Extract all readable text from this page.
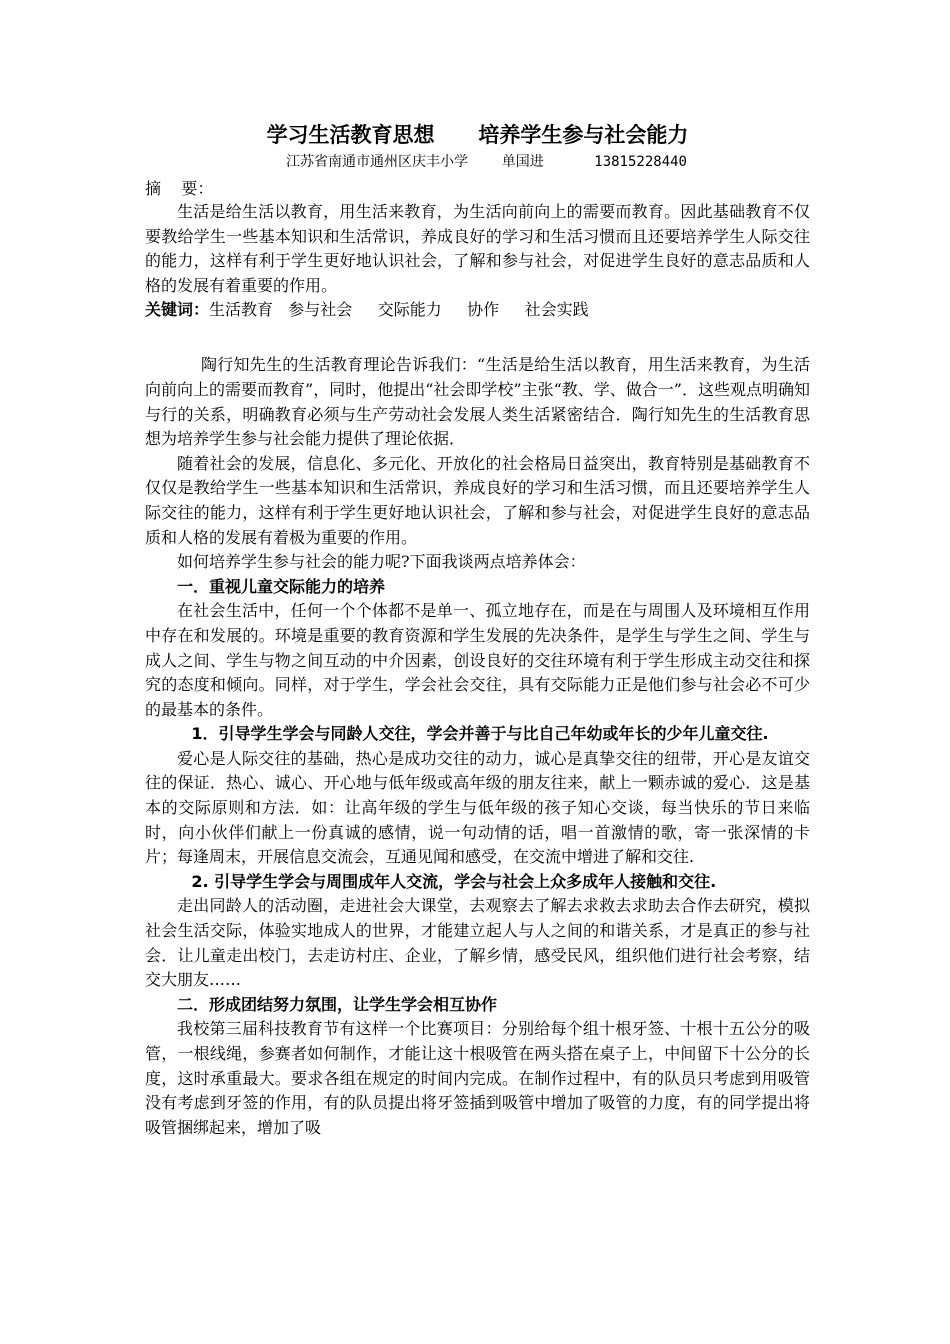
学习生活教育思想      培养学生参与社会能力
江苏省南通市通州区庆丰小学    单国进      13815228440
摘    要：

生活是给生活以教育，用生活来教育，为生活向前向上的需要而教育。因此基础教育不仅要教给学生一些基本知识和生活常识，养成良好的学习和生活习惯而且还要培养学生人际交往的能力，这样有利于学生更好地认识社会，了解和参与社会，对促进学生良好的意志品质和人格的发展有着重要的作用。

关键词：生活教育   参与社会     交际能力     协作     社会实践

陶行知先生的生活教育理论告诉我们：“生活是给生活以教育，用生活来教育，为生活向前向上的需要而教育”，同时，他提出“社会即学校”主张“教、学、做合一”．这些观点明确知与行的关系，明确教育必须与生产劳动社会发展人类生活紧密结合．陶行知先生的生活教育思想为培养学生参与社会能力提供了理论依据．

随着社会的发展，信息化、多元化、开放化的社会格局日益突出，教育特别是基础教育不仅仅是教给学生一些基本知识和生活常识，养成良好的学习和生活习惯，而且还要培养学生人际交往的能力，这样有利于学生更好地认识社会，了解和参与社会，对促进学生良好的意志品质和人格的发展有着极为重要的作用。

如何培养学生参与社会的能力呢?下面我谈两点培养体会：

一．重视儿童交际能力的培养

在社会生活中，任何一个个体都不是单一、孤立地存在，而是在与周围人及环境相互作用中存在和发展的。环境是重要的教育资源和学生发展的先决条件，是学生与学生之间、学生与成人之间、学生与物之间互动的中介因素，创设良好的交往环境有利于学生形成主动交往和探究的态度和倾向。同样，对于学生，学会社会交往，具有交际能力正是他们参与社会必不可少的最基本的条件。

1．引导学生学会与同龄人交往，学会并善于与比自己年幼或年长的少年儿童交往.

爱心是人际交往的基础，热心是成功交往的动力，诚心是真挚交往的纽带，开心是友谊交往的保证．热心、诚心、开心地与低年级或高年级的朋友往来，献上一颗赤诚的爱心．这是基本的交际原则和方法．如：让高年级的学生与低年级的孩子知心交谈，每当快乐的节日来临时，向小伙伴们献上一份真诚的感情，说一句动情的话，唱一首激情的歌，寄一张深情的卡片；每逢周末，开展信息交流会，互通见闻和感受，在交流中增进了解和交往.

2. 引导学生学会与周围成年人交流，学会与社会上众多成年人接触和交往.

走出同龄人的活动圈，走进社会大课堂，去观察去了解去求救去求助去合作去研究，模拟社会生活交际，体验实地成人的世界，才能建立起人与人之间的和谐关系，才是真正的参与社会．让儿童走出校门，去走访村庄、企业，了解乡情，感受民风，组织他们进行社会考察，结交大朋友……

二．形成团结努力氛围，让学生学会相互协作

我校第三届科技教育节有这样一个比赛项目：分别给每个组十根牙签、十根十五公分的吸管，一根线绳，参赛者如何制作，才能让这十根吸管在两头搭在桌子上，中间留下十公分的长度，这时承重最大。要求各组在规定的时间内完成。在制作过程中，有的队员只考虑到用吸管没有考虑到牙签的作用，有的队员提出将牙签插到吸管中增加了吸管的力度，有的同学提出将吸管捆绑起来，增加了吸
